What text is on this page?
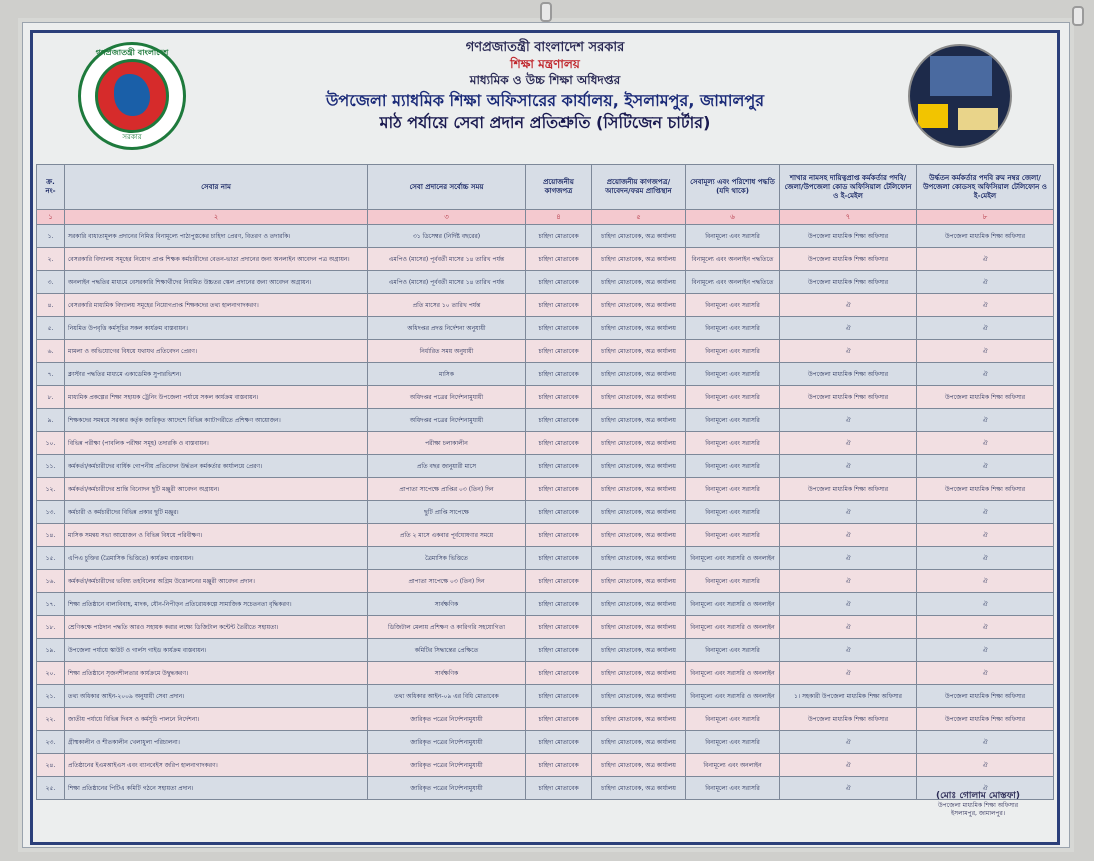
গণপ্রজাতন্ত্রী বাংলাদেশ
সরকার
গণপ্রজাতন্ত্রী বাংলাদেশ সরকার
শিক্ষা মন্ত্রণালয়
মাধ্যমিক ও উচ্চ শিক্ষা অধিদপ্তর
উপজেলা ম্যাধমিক শিক্ষা অফিসারের কার্যালয়, ইসলামপুর, জামালপুর
মাঠ পর্যায়ে সেবা প্রদান প্রতিশ্রুতি (সিটিজেন চার্টার)
ক্র. নং-	সেবার নাম	সেবা প্রদানের সর্বোচ্চ সময়	প্রয়োজনীয় কাগজপত্র	প্রয়োজনীয় কাগজপত্র/ আবেদন/ফরম প্রাপ্তিস্থান	সেবামূল্য এবং পরিশোধ পদ্ধতি (যদি থাকে)	শাখার নামসহ দায়িত্বপ্রাপ্ত কর্মকর্তার পদবি/জেলা/উপজেলা কোড অফিসিয়াল টেলিফোন ও ই-মেইল	উর্দ্ধতন কর্মকর্তার পদবি রুম নম্বর জেলা/উপজেলা কোডসহ অফিসিয়াল টেলিফোন ও ই-মেইল
১	২	৩	৪	৫	৬	৭	৮
১.	সরকারি বাধ্যতামূলক প্রদানের নিমিত্ত বিনামূল্যে পাঠ্যপুস্তকের চাহিদা প্রেরণ, বিতরণ ও তদারকি।	৩১ ডিসেম্বর (নির্দিষ্ট বছরের)	চাহিদা মোতাবেক	চাহিদা মোতাবেক, অত্র কার্যালয়	বিনামূল্যে এবং সরাসরি	উপজেলা মাধ্যমিক শিক্ষা অফিসার	উপজেলা মাধ্যমিক শিক্ষা অফিসার
২.	বেসরকারি বিদ্যালয় সমূহের নিয়োগ প্রাপ্ত শিক্ষক কর্মচারীদের বেতন-ভাতা প্রদানের জন্য অনলাইন আবেদন পত্র অগ্রায়ন।	এমপিও (মাসের) পূর্ববর্তী মাসের ১৪ তারিখ পর্যন্ত	চাহিদা মোতাবেক	চাহিদা মোতাবেক, অত্র কার্যালয়	বিনামূল্যে এবং অনলাইন পদ্ধতিতে	উপজেলা মাধ্যমিক শিক্ষা অফিসার	ঐ
৩.	অনলাইন পদ্ধতির মাধ্যমে বেসরকারি শিক্ষার্থীদের নিয়মিত উচ্চতর স্কেল প্রদানের জন্য আবেদন অগ্রায়ন।	এমপিও (মাসের) পূর্ববর্তী মাসের ১৪ তারিখ পর্যন্ত	চাহিদা মোতাবেক	চাহিদা মোতাবেক, অত্র কার্যালয়	বিনামূল্যে এবং অনলাইন পদ্ধতিতে	উপজেলা মাধ্যমিক শিক্ষা অফিসার	ঐ
৪.	বেসরকারি মাধ্যমিক বিদ্যালয় সমূহের নিয়োগপ্রাপ্ত শিক্ষকদের তথ্য হালনাগাদকরণ।	প্রতি মাসের ১০ তারিখ পর্যন্ত	চাহিদা মোতাবেক	চাহিদা মোতাবেক, অত্র কার্যালয়	বিনামূল্যে এবং সরাসরি	ঐ	ঐ
৫.	নিয়মিত উপবৃত্তি কর্মসূচির সকল কার্যক্রম বাস্তবায়ন।	অধিদপ্তর প্রদত্ত নির্দেশনা অনুযায়ী	চাহিদা মোতাবেক	চাহিদা মোতাবেক, অত্র কার্যালয়	বিনামূল্যে এবং সরাসরি	ঐ	ঐ
৬.	মামলা ও অভিযোগের বিষয়ে যথাযথ প্রতিবেদন প্রেরণ।	নির্ধারিত সময় অনুযায়ী	চাহিদা মোতাবেক	চাহিদা মোতাবেক, অত্র কার্যালয়	বিনামূল্যে এবং সরাসরি	ঐ	ঐ
৭.	ক্লাস্টার পদ্ধতির মাধ্যমে একাডেমিক সুপারভিশন।	মাসিক	চাহিদা মোতাবেক	চাহিদা মোতাবেক, অত্র কার্যালয়	বিনামূল্যে এবং সরাসরি	উপজেলা মাধ্যমিক শিক্ষা অফিসার	ঐ
৮.	মাধ্যমিক প্রকল্পের শিক্ষা সহায়ক ট্রেনিং উপজেলা পর্যায়ে সকল কার্যক্রম বাস্তবায়ন।	অধিদপ্তর পত্রের নির্দেশনামুযায়ী	চাহিদা মোতাবেক	চাহিদা মোতাবেক, অত্র কার্যালয়	বিনামূল্যে এবং সরাসরি	উপজেলা মাধ্যমিক শিক্ষা অফিসার	উপজেলা মাধ্যমিক শিক্ষা অফিসার
৯.	শিক্ষকদের সমন্বয়ে সরকার কর্তৃক জারিকৃত আদেশে বিভিন্ন ক্যাটাগরীতে প্রশিক্ষণ আয়োজন।	অধিদপ্তর পত্রের নির্দেশনামুযায়ী	চাহিদা মোতাবেক	চাহিদা মোতাবেক, অত্র কার্যালয়	বিনামূল্যে এবং সরাসরি	ঐ	ঐ
১০.	বিভিন্ন পরীক্ষা (পাবলিক পরীক্ষা সমূহ) তদারকি ও বাস্তবায়ন।	পরীক্ষা চলাকালীন	চাহিদা মোতাবেক	চাহিদা মোতাবেক, অত্র কার্যালয়	বিনামূল্যে এবং সরাসরি	ঐ	ঐ
১১.	কর্মকর্তা/কর্মচারীদের বার্ষিক গোপনীয় প্রতিবেদন উর্দ্ধতন কর্মকর্তার কার্যালয়ে প্রেরণ।	প্রতি বছর জানুয়ারী মাসে	চাহিদা মোতাবেক	চাহিদা মোতাবেক, অত্র কার্যালয়	বিনামূল্যে এবং সরাসরি	ঐ	ঐ
১২.	কর্মকর্তা/কর্মচারীদের শ্রান্তি বিনোদন ছুটি মঞ্জুরী আবেদন অগ্রায়ন।	প্রাপ্যতা সাপেক্ষে প্রাপ্তির ০৩ (তিন) দিন	চাহিদা মোতাবেক	চাহিদা মোতাবেক, অত্র কার্যালয়	বিনামূল্যে এবং সরাসরি	উপজেলা মাধ্যমিক শিক্ষা অফিসার	উপজেলা মাধ্যমিক শিক্ষা অফিসার
১৩.	কর্মচারী ও কর্মচারীদের বিভিন্ন প্রকার ছুটি মঞ্জুর।	ছুটি প্রাপ্তি সাপেক্ষে	চাহিদা মোতাবেক	চাহিদা মোতাবেক, অত্র কার্যালয়	বিনামূল্যে এবং সরাসরি	ঐ	ঐ
১৪.	মাসিক সমন্বয় সভা আয়োজন ও বিভিন্ন বিষয়ে পরিবীক্ষণ।	প্রতি ২ মাসে একবার পূর্বঘোষণার সময়ে	চাহিদা মোতাবেক	চাহিদা মোতাবেক, অত্র কার্যালয়	বিনামূল্যে এবং সরাসরি	ঐ	ঐ
১৫.	এপিএ চুক্তির (ত্রৈমাসিক ভিত্তিতে) কার্যক্রম বাস্তবায়ন।	ত্রৈমাসিক ভিত্তিতে	চাহিদা মোতাবেক	চাহিদা মোতাবেক, অত্র কার্যালয়	বিনামূল্যে এবং সরাসরি ও অনলাইন	ঐ	ঐ
১৬.	কর্মকর্তা/কর্মচারীদের ভবিষ্য তহবিলের অগ্রিম উত্তোলনের মঞ্জুরী আবেদন প্রদান।	প্রাপ্যতা সাপেক্ষে ০৩ (তিন) দিন	চাহিদা মোতাবেক	চাহিদা মোতাবেক, অত্র কার্যালয়	বিনামূল্যে এবং সরাসরি	ঐ	ঐ
১৭.	শিক্ষা প্রতিষ্ঠানে বাল্যবিবাহ, মাদক, যৌন-নিপীড়ন প্রতিরোধকল্পে সামাজিক সচেতনতা বৃদ্ধিকরণ।	সার্বক্ষণিক	চাহিদা মোতাবেক	চাহিদা মোতাবেক, অত্র কার্যালয়	বিনামূল্যে এবং সরাসরি ও অনলাইন	ঐ	ঐ
১৮.	শ্রেণিকক্ষে পাঠদান পদ্ধতি আরও সহায়ক করার লক্ষ্যে ডিজিটাল কন্টেন্ট তৈরীতে সহায়তা।	ডিজিটাল মেলায় প্রশিক্ষণ ও কারিগরি সহযোগিতা	চাহিদা মোতাবেক	চাহিদা মোতাবেক, অত্র কার্যালয়	বিনামূল্যে এবং সরাসরি ও অনলাইন	ঐ	ঐ
১৯.	উপজেলা পর্যায়ে স্কাউট ও গার্লস গাইড কার্যক্রম বাস্তবায়ন।	কমিটির সিদ্ধান্তের প্রেক্ষিতে	চাহিদা মোতাবেক	চাহিদা মোতাবেক, অত্র কার্যালয়	বিনামূল্যে এবং সরাসরি	ঐ	ঐ
২০.	শিক্ষা প্রতিষ্ঠানে সৃজনশীলতার কার্যক্রমে উদ্বুদ্ধকরণ।	সার্বক্ষণিক	চাহিদা মোতাবেক	চাহিদা মোতাবেক, অত্র কার্যালয়	বিনামূল্যে এবং সরাসরি ও অনলাইন	ঐ	ঐ
২১.	তথ্য অধিকার আইন-২০০৯ অনুযায়ী সেবা প্রদান।	তথ্য অধিকার আইন-০৯ এর বিধি মোতাবেক	চাহিদা মোতাবেক	চাহিদা মোতাবেক, অত্র কার্যালয়	বিনামূল্যে এবং সরাসরি ও অনলাইন	১। সহকারী উপজেলা মাধ্যমিক শিক্ষা অফিসার	উপজেলা মাধ্যমিক শিক্ষা অফিসার
২২.	জাতীয় পর্যায়ে বিভিন্ন দিবস ও কর্মসূচি পালনে নির্দেশনা।	জারিকৃত পত্রের নির্দেশনামুযায়ী	চাহিদা মোতাবেক	চাহিদা মোতাবেক, অত্র কার্যালয়	বিনামূল্যে এবং সরাসরি	উপজেলা মাধ্যমিক শিক্ষা অফিসার	উপজেলা মাধ্যমিক শিক্ষা অফিসার
২৩.	গ্রীষ্মকালীন ও শীতকালীন খেলাধুলা পরিচালনা।	জারিকৃত পত্রের নির্দেশনামুযায়ী	চাহিদা মোতাবেক	চাহিদা মোতাবেক, অত্র কার্যালয়	বিনামূল্যে এবং সরাসরি	ঐ	ঐ
২৪.	প্রতিষ্ঠানের ইএমআইএস এবং ব্যানবেইস জরিপ হালনাগাদকরণ।	জারিকৃত পত্রের নির্দেশনামুযায়ী	চাহিদা মোতাবেক	চাহিদা মোতাবেক, অত্র কার্যালয়	বিনামূল্যে এবং অনলাইন	ঐ	ঐ
২৫.	শিক্ষা প্রতিষ্ঠানের পিটিএ কমিটি গঠনে সহায়তা প্রদান।	জারিকৃত পত্রের নির্দেশনামুযায়ী	চাহিদা মোতাবেক	চাহিদা মোতাবেক, অত্র কার্যালয়	বিনামূল্যে এবং সরাসরি	ঐ	ঐ
(মোঃ গোলাম মোস্তফা)
উপজেলা মাধ্যমিক শিক্ষা অফিসার
ইসলামপুর, জামালপুর।
